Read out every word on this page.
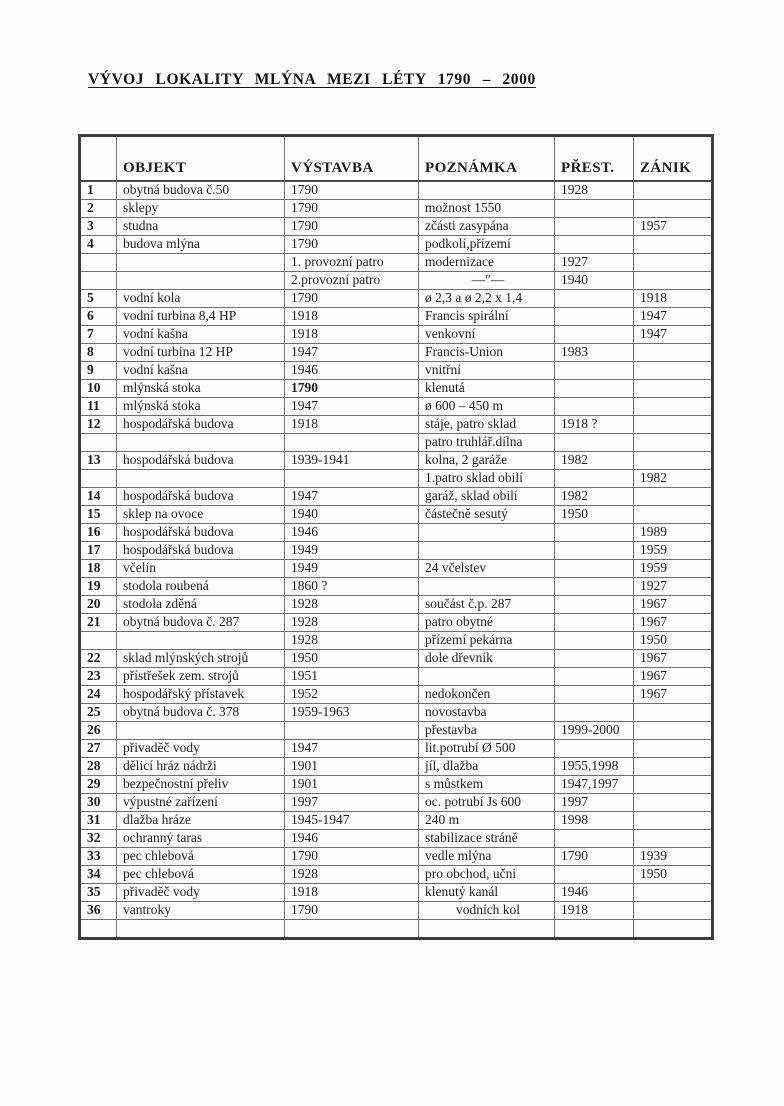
VÝVOJ LOKALITY MLÝNA MEZI LÉTY 1790 – 2000
	OBJEKT	VÝSTAVBA	POZNÁMKA	PŘEST.	ZÁNIK
1	obytná budova č.50	1790		1928	
2	sklepy	1790	možnost 1550		
3	studna	1790	zčásti zasypána		1957
4	budova mlýna	1790	podkolí,přízemí		
		1. provozní patro	modernizace	1927	
		2.provozní patro	—″—	1940	
5	vodní kola	1790	ø 2,3 a ø 2,2 x 1,4		1918
6	vodní turbina 8,4 HP	1918	Francis spirální		1947
7	vodní kašna	1918	venkovní		1947
8	vodní turbina 12 HP	1947	Francis-Union	1983	
9	vodní kašna	1946	vnitřní		
10	mlýnská stoka	1790	klenutá		
11	mlýnská stoka	1947	ø 600 – 450 m		
12	hospodářská budova	1918	stáje, patro sklad	1918 ?	
			patro truhlář.dílna		
13	hospodářská budova	1939-1941	kolna, 2 garáže	1982	
			1.patro sklad obilí		1982
14	hospodářská budova	1947	garáž, sklad obilí	1982	
15	sklep na ovoce	1940	částečně sesutý	1950	
16	hospodářská budova	1946			1989
17	hospodářská budova	1949			1959
18	včelín	1949	24 včelstev		1959
19	stodola roubená	1860 ?			1927
20	stodola zděná	1928	součást č.p. 287		1967
21	obytná budova č. 287	1928	patro obytné		1967
		1928	přízemí pekárna		1950
22	sklad mlýnských strojů	1950	dole dřevník		1967
23	přístřešek zem. strojů	1951			1967
24	hospodářský přístavek	1952	nedokončen		1967
25	obytná budova č. 378	1959-1963	novostavba		
26			přestavba	1999-2000	
27	přivaděč vody	1947	lit.potrubí Ø 500		
28	dělicí hráz nádrži	1901	jíl, dlažba	1955,1998	
29	bezpečnostní přeliv	1901	s můstkem	1947,1997	
30	výpustné zařízení	1997	oc. potrubí Js 600	1997	
31	dlažba hráze	1945-1947	240 m	1998	
32	ochranný taras	1946	stabilizace stráně		
33	pec chlebová	1790	vedle mlýna	1790	1939
34	pec chlebová	1928	pro obchod, učni		1950
35	přivaděč vody	1918	klenutý kanál	1946	
36	vantroky	1790	vodních kol	1918	
